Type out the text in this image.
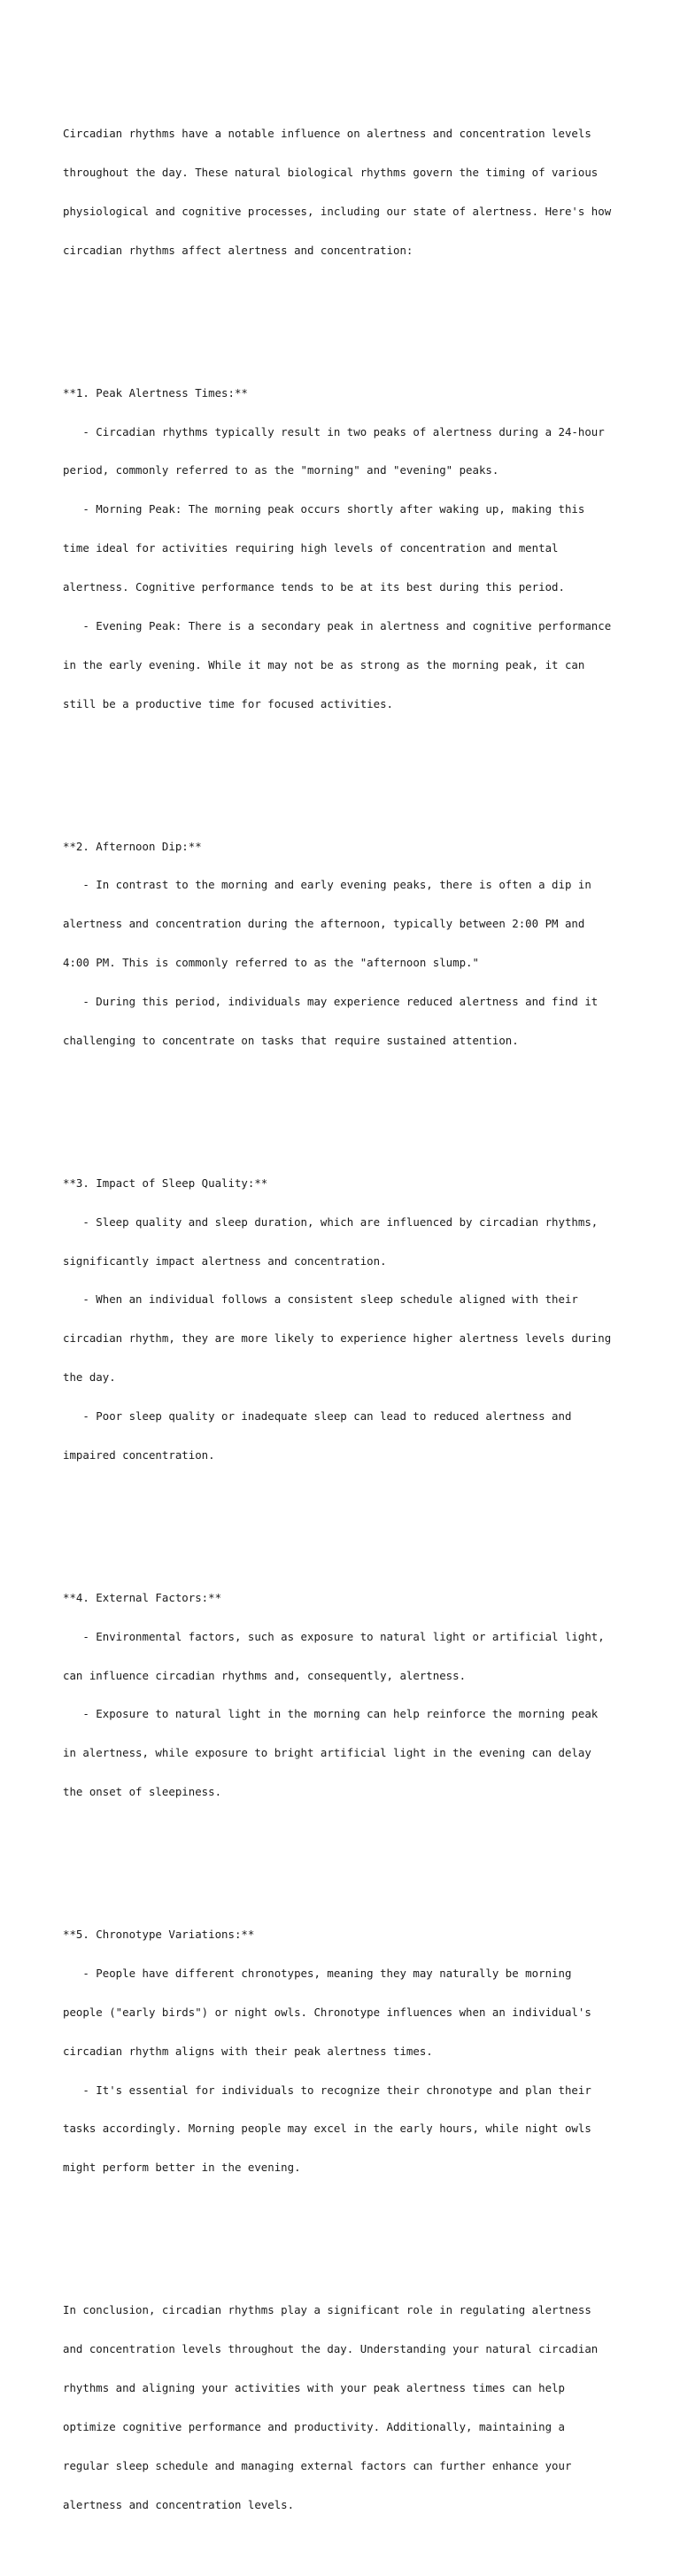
Circadian rhythms have a notable influence on alertness and concentration levels

throughout the day. These natural biological rhythms govern the timing of various

physiological and cognitive processes, including our state of alertness. Here's how

circadian rhythms affect alertness and concentration:

**1. Peak Alertness Times:**

- Circadian rhythms typically result in two peaks of alertness during a 24-hour

period, commonly referred to as the "morning" and "evening" peaks.

- Morning Peak: The morning peak occurs shortly after waking up, making this

time ideal for activities requiring high levels of concentration and mental

alertness. Cognitive performance tends to be at its best during this period.

- Evening Peak: There is a secondary peak in alertness and cognitive performance

in the early evening. While it may not be as strong as the morning peak, it can

still be a productive time for focused activities.

**2. Afternoon Dip:**

- In contrast to the morning and early evening peaks, there is often a dip in

alertness and concentration during the afternoon, typically between 2:00 PM and

4:00 PM. This is commonly referred to as the "afternoon slump."

- During this period, individuals may experience reduced alertness and find it

challenging to concentrate on tasks that require sustained attention.

**3. Impact of Sleep Quality:**

- Sleep quality and sleep duration, which are influenced by circadian rhythms,

significantly impact alertness and concentration.

- When an individual follows a consistent sleep schedule aligned with their

circadian rhythm, they are more likely to experience higher alertness levels during

the day.

- Poor sleep quality or inadequate sleep can lead to reduced alertness and

impaired concentration.

**4. External Factors:**

- Environmental factors, such as exposure to natural light or artificial light,

can influence circadian rhythms and, consequently, alertness.

- Exposure to natural light in the morning can help reinforce the morning peak

in alertness, while exposure to bright artificial light in the evening can delay

the onset of sleepiness.

**5. Chronotype Variations:**

- People have different chronotypes, meaning they may naturally be morning

people ("early birds") or night owls. Chronotype influences when an individual's

circadian rhythm aligns with their peak alertness times.

- It's essential for individuals to recognize their chronotype and plan their

tasks accordingly. Morning people may excel in the early hours, while night owls

might perform better in the evening.

In conclusion, circadian rhythms play a significant role in regulating alertness

and concentration levels throughout the day. Understanding your natural circadian

rhythms and aligning your activities with your peak alertness times can help

optimize cognitive performance and productivity. Additionally, maintaining a

regular sleep schedule and managing external factors can further enhance your

alertness and concentration levels.
